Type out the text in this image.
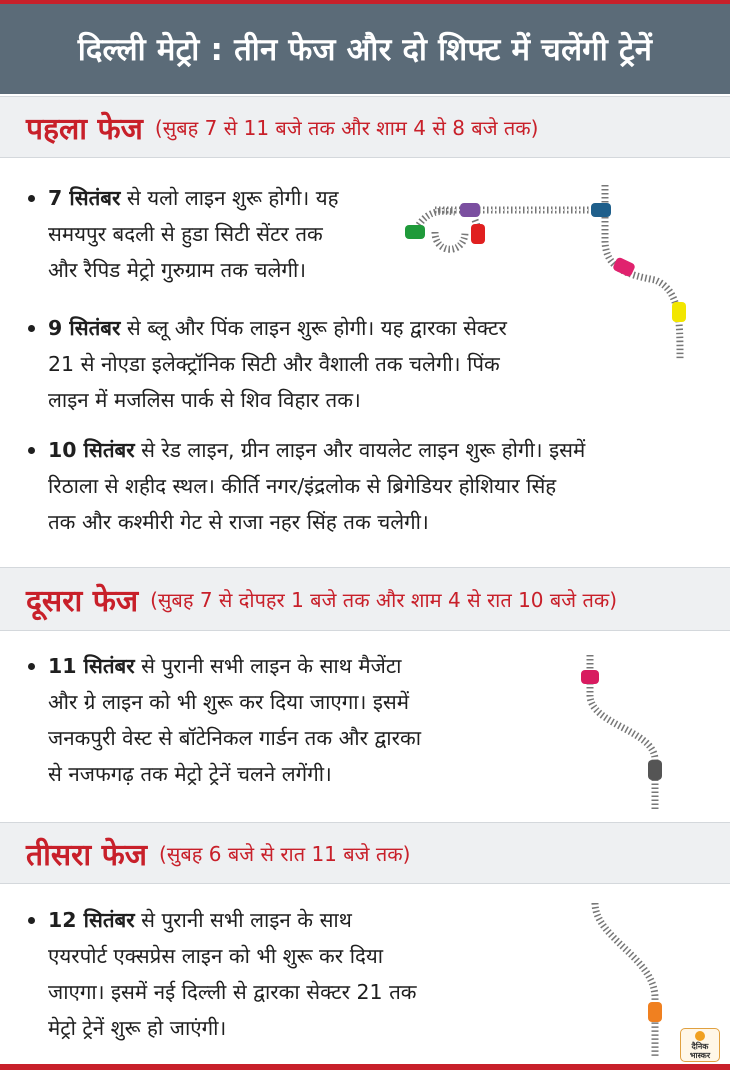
दिल्ली मेट्रो : तीन फेज और दो शिफ्ट में चलेंगी ट्रेनें
पहला फेज (सुबह 7 से 11 बजे तक और शाम 4 से 8 बजे तक)
7 सितंबर से यलो लाइन शुरू होगी। यह
समयपुर बदली से हुडा सिटी सेंटर तक
और रैपिड मेट्रो गुरुग्राम तक चलेगी।
9 सितंबर से ब्लू और पिंक लाइन शुरू होगी। यह द्वारका सेक्टर
21 से नोएडा इलेक्ट्रॉनिक सिटी और वैशाली तक चलेगी। पिंक
लाइन में मजलिस पार्क से शिव विहार तक।
10 सितंबर से रेड लाइन, ग्रीन लाइन और वायलेट लाइन शुरू होगी। इसमें
रिठाला से शहीद स्थल। कीर्ति नगर/इंद्रलोक से ब्रिगेडियर होशियार सिंह
तक और कश्मीरी गेट से राजा नहर सिंह तक चलेगी।
दूसरा फेज (सुबह 7 से दोपहर 1 बजे तक और शाम 4 से रात 10 बजे तक)
11 सितंबर से पुरानी सभी लाइन के साथ मैजेंटा
और ग्रे लाइन को भी शुरू कर दिया जाएगा। इसमें
जनकपुरी वेस्ट से बॉटेनिकल गार्डन तक और द्वारका
से नजफगढ़ तक मेट्रो ट्रेनें चलने लगेंगी।
तीसरा फेज (सुबह 6 बजे से रात 11 बजे तक)
12 सितंबर से पुरानी सभी लाइन के साथ
एयरपोर्ट एक्सप्रेस लाइन को भी शुरू कर दिया
जाएगा। इसमें नई दिल्ली से द्वारका सेक्टर 21 तक
मेट्रो ट्रेनें शुरू हो जाएंगी।
दैनिक
भास्कर
